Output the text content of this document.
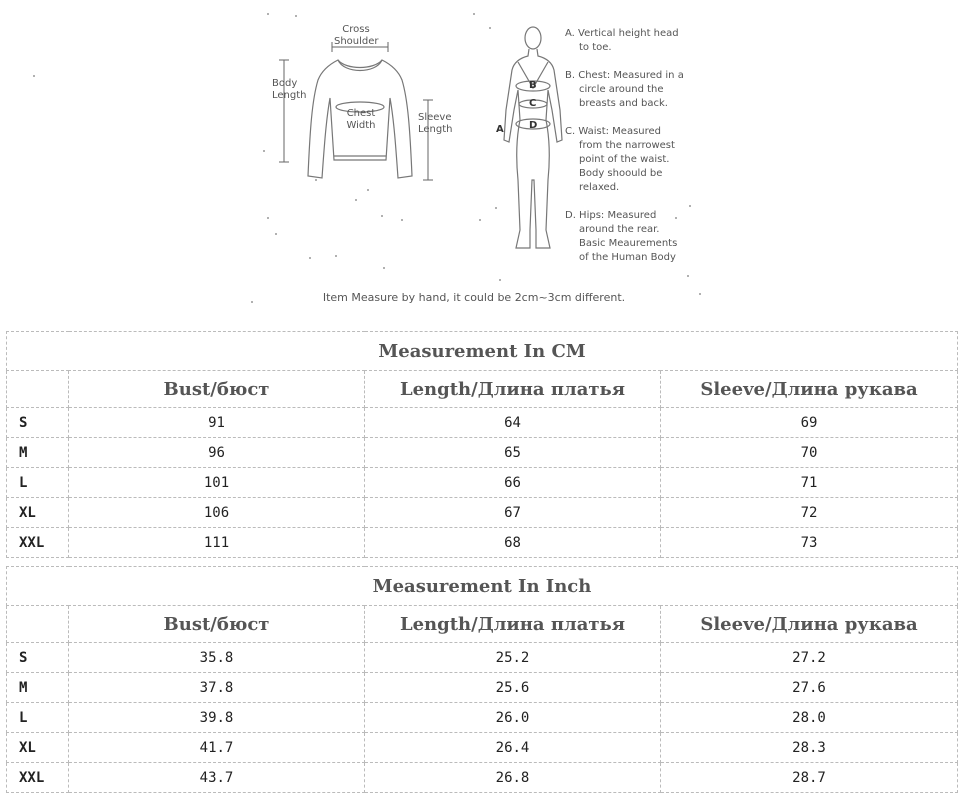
Cross
Shoulder
Body
Length
Chest
Width
Sleeve
Length	A
B
C
D
A. Vertical height head
to toe.
B. Chest: Measured in a
circle around the
breasts and back.
C. Waist: Measured
from the narrowest
point of the waist.
Body shoould be
relaxed.
D. Hips: Measured
around the rear.
Basic Meaurements
of the Human Body
Item Measure by hand, it could be 2cm~3cm different.
Measurement In CM			
	Bust/бюст	Length/Длина платья	Sleeve/Длина рукава
S	91	64	69
M	96	65	70
L	101	66	71
XL	106	67	72
XXL	111	68	73
Measurement In Inch			
	Bust/бюст	Length/Длина платья	Sleeve/Длина рукава
S	35.8	25.2	27.2
M	37.8	25.6	27.6
L	39.8	26.0	28.0
XL	41.7	26.4	28.3
XXL	43.7	26.8	28.7
